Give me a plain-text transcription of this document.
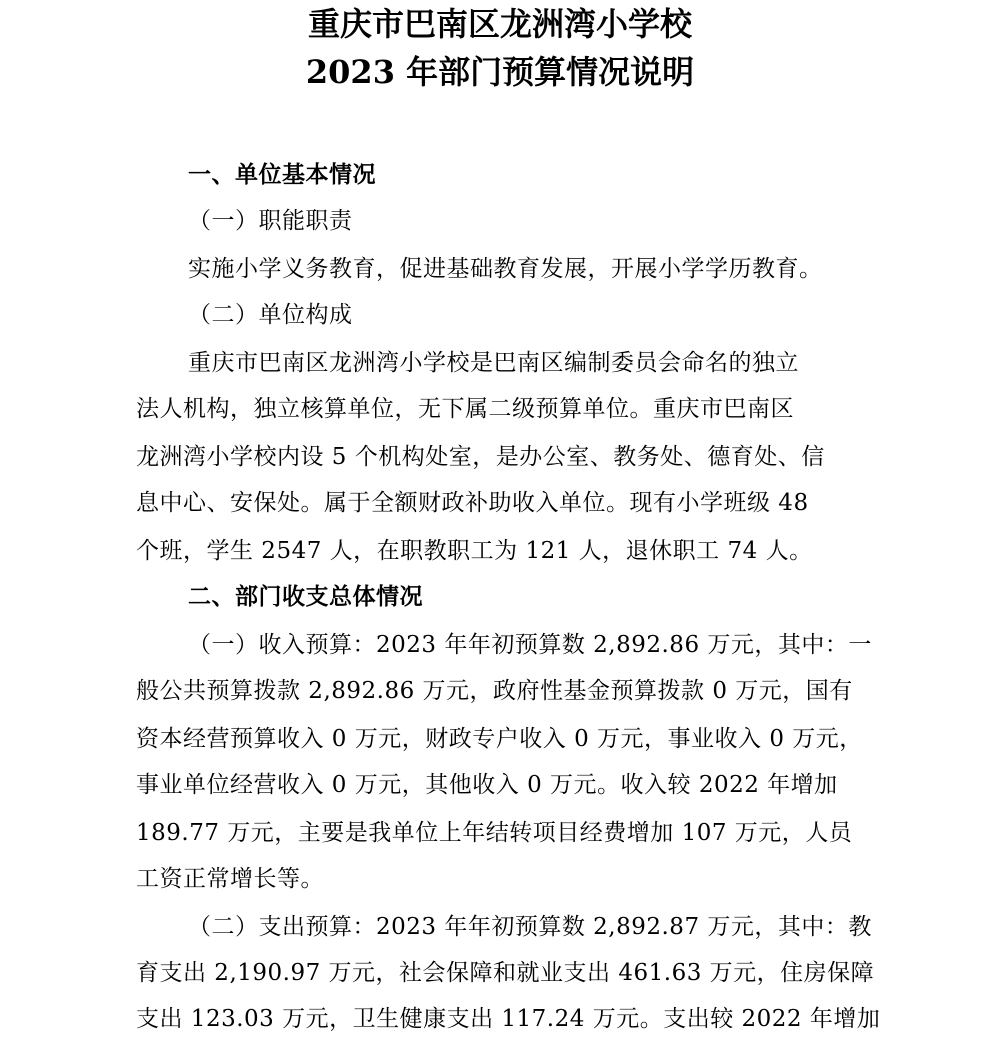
重庆市巴南区龙洲湾小学校
2023 年部门预算情况说明
一、单位基本情况
（一）职能职责
实施小学义务教育，促进基础教育发展，开展小学学历教育。
（二）单位构成
重庆市巴南区龙洲湾小学校是巴南区编制委员会命名的独立
法人机构，独立核算单位，无下属二级预算单位。重庆市巴南区
龙洲湾小学校内设 5 个机构处室，是办公室、教务处、德育处、信
息中心、安保处。属于全额财政补助收入单位。现有小学班级 48
个班，学生 2547 人，在职教职工为 121 人，退休职工 74 人。
二、部门收支总体情况
（一）收入预算：2023 年年初预算数 2,892.86 万元，其中：一
般公共预算拨款 2,892.86 万元，政府性基金预算拨款 0 万元，国有
资本经营预算收入 0 万元，财政专户收入 0 万元，事业收入 0 万元，
事业单位经营收入 0 万元，其他收入 0 万元。收入较 2022 年增加
189.77 万元，主要是我单位上年结转项目经费增加 107 万元，人员
工资正常增长等。
（二）支出预算：2023 年年初预算数 2,892.87 万元，其中：教
育支出 2,190.97 万元，社会保障和就业支出 461.63 万元，住房保障
支出 123.03 万元，卫生健康支出 117.24 万元。支出较 2022 年增加
